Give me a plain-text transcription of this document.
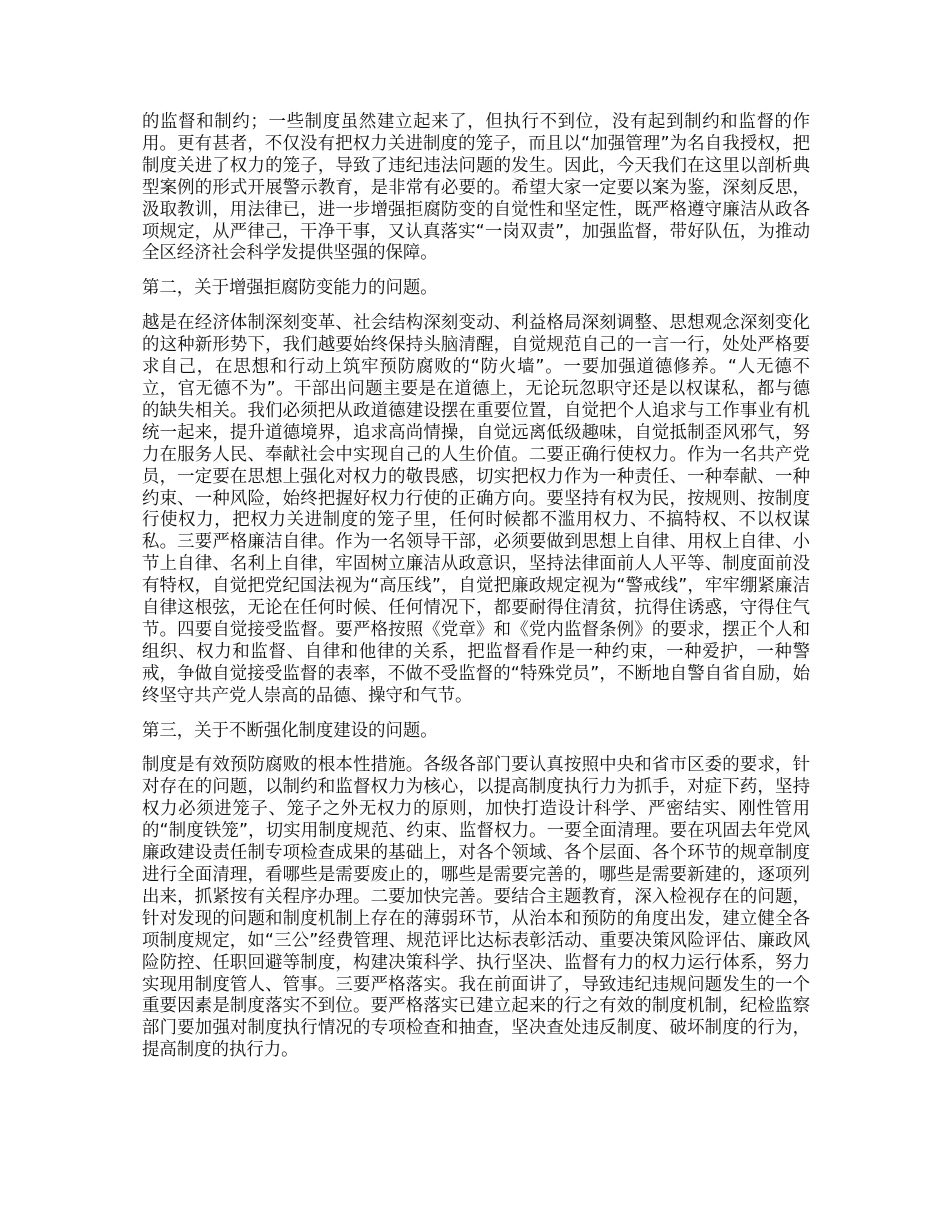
的监督和制约；一些制度虽然建立起来了，但执行不到位，没有起到制约和监督的作用。更有甚者，不仅没有把权力关进制度的笼子，而且以“加强管理”为名自我授权，把制度关进了权力的笼子，导致了违纪违法问题的发生。因此，今天我们在这里以剖析典型案例的形式开展警示教育，是非常有必要的。希望大家一定要以案为鉴，深刻反思，汲取教训，用法律已，进一步增强拒腐防变的自觉性和坚定性，既严格遵守廉洁从政各项规定，从严律己，干净干事，又认真落实“一岗双责”，加强监督，带好队伍，为推动全区经济社会科学发提供坚强的保障。

第二，关于增强拒腐防变能力的问题。

越是在经济体制深刻变革、社会结构深刻变动、利益格局深刻调整、思想观念深刻变化的这种新形势下，我们越要始终保持头脑清醒，自觉规范自己的一言一行，处处严格要求自己，在思想和行动上筑牢预防腐败的“防火墙”。一要加强道德修养。“人无德不立，官无德不为”。干部出问题主要是在道德上，无论玩忽职守还是以权谋私，都与德的缺失相关。我们必须把从政道德建设摆在重要位置，自觉把个人追求与工作事业有机统一起来，提升道德境界，追求高尚情操，自觉远离低级趣味，自觉抵制歪风邪气，努力在服务人民、奉献社会中实现自己的人生价值。二要正确行使权力。作为一名共产党员，一定要在思想上强化对权力的敬畏感，切实把权力作为一种责任、一种奉献、一种约束、一种风险，始终把握好权力行使的正确方向。要坚持有权为民，按规则、按制度行使权力，把权力关进制度的笼子里，任何时候都不滥用权力、不搞特权、不以权谋私。三要严格廉洁自律。作为一名领导干部，必须要做到思想上自律、用权上自律、小节上自律、名利上自律，牢固树立廉洁从政意识，坚持法律面前人人平等、制度面前没有特权，自觉把党纪国法视为“高压线”，自觉把廉政规定视为“警戒线”，牢牢绷紧廉洁自律这根弦，无论在任何时候、任何情况下，都要耐得住清贫，抗得住诱惑，守得住气节。四要自觉接受监督。要严格按照《党章》和《党内监督条例》的要求，摆正个人和组织、权力和监督、自律和他律的关系，把监督看作是一种约束，一种爱护，一种警戒，争做自觉接受监督的表率，不做不受监督的“特殊党员”，不断地自警自省自励，始终坚守共产党人崇高的品德、操守和气节。

第三，关于不断强化制度建设的问题。

制度是有效预防腐败的根本性措施。各级各部门要认真按照中央和省市区委的要求，针对存在的问题，以制约和监督权力为核心，以提高制度执行力为抓手，对症下药，坚持权力必须进笼子、笼子之外无权力的原则，加快打造设计科学、严密结实、刚性管用的“制度铁笼”，切实用制度规范、约束、监督权力。一要全面清理。要在巩固去年党风廉政建设责任制专项检查成果的基础上，对各个领域、各个层面、各个环节的规章制度进行全面清理，看哪些是需要废止的，哪些是需要完善的，哪些是需要新建的，逐项列出来，抓紧按有关程序办理。二要加快完善。要结合主题教育，深入检视存在的问题，针对发现的问题和制度机制上存在的薄弱环节，从治本和预防的角度出发，建立健全各项制度规定，如“三公”经费管理、规范评比达标表彰活动、重要决策风险评估、廉政风险防控、任职回避等制度，构建决策科学、执行坚决、监督有力的权力运行体系，努力实现用制度管人、管事。三要严格落实。我在前面讲了，导致违纪违规问题发生的一个重要因素是制度落实不到位。要严格落实已建立起来的行之有效的制度机制，纪检监察部门要加强对制度执行情况的专项检查和抽查，坚决查处违反制度、破坏制度的行为，提高制度的执行力。
